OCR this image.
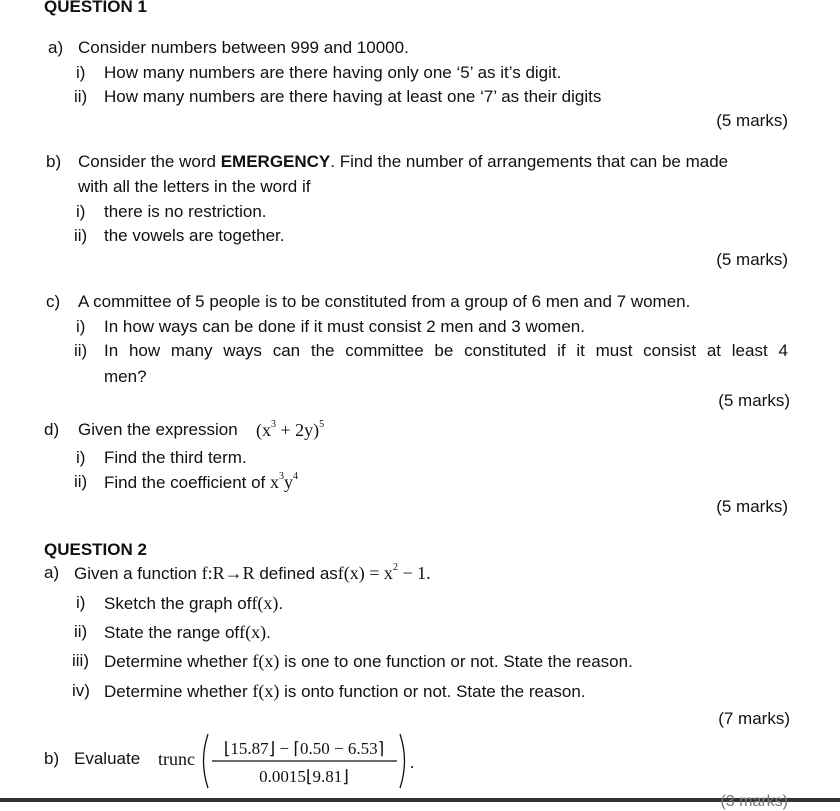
QUESTION 1
a) Consider numbers between 999 and 10000.
i) How many numbers are there having only one ‘5’ as it’s digit.
ii) How many numbers are there having at least one ‘7’ as their digits
(5 marks)
b) Consider the word EMERGENCY. Find the number of arrangements that can be made
with all the letters in the word if
i) there is no restriction.
ii) the vowels are together.
(5 marks)
c) A committee of 5 people is to be constituted from a group of 6 men and 7 women.
i) In how ways can be done if it must consist 2 men and 3 women.
ii) In how many ways can the committee be constituted if it must consist at least 4
men?
(5 marks)
d) Given the expression $(x^3 + 2y)^5$
i) Find the third term.
ii) Find the coefficient of $x^3y^4$
(5 marks)
QUESTION 2
a) Given a function f:R→R defined $asf(x) = x^2 - 1$.
i) Sketch the graph off(x).
ii) State the range off(x).
iii) Determine whether f(x) is one to one function or not. State the reason.
iv) Determine whether f(x) is onto function or not. State the reason.
(7 marks)
b) Evaluate trunc
⌊15.87⌋ − ⌈0.50 − 6.53⌉
0.0015⌊9.81⌋
.
(3 marks)
